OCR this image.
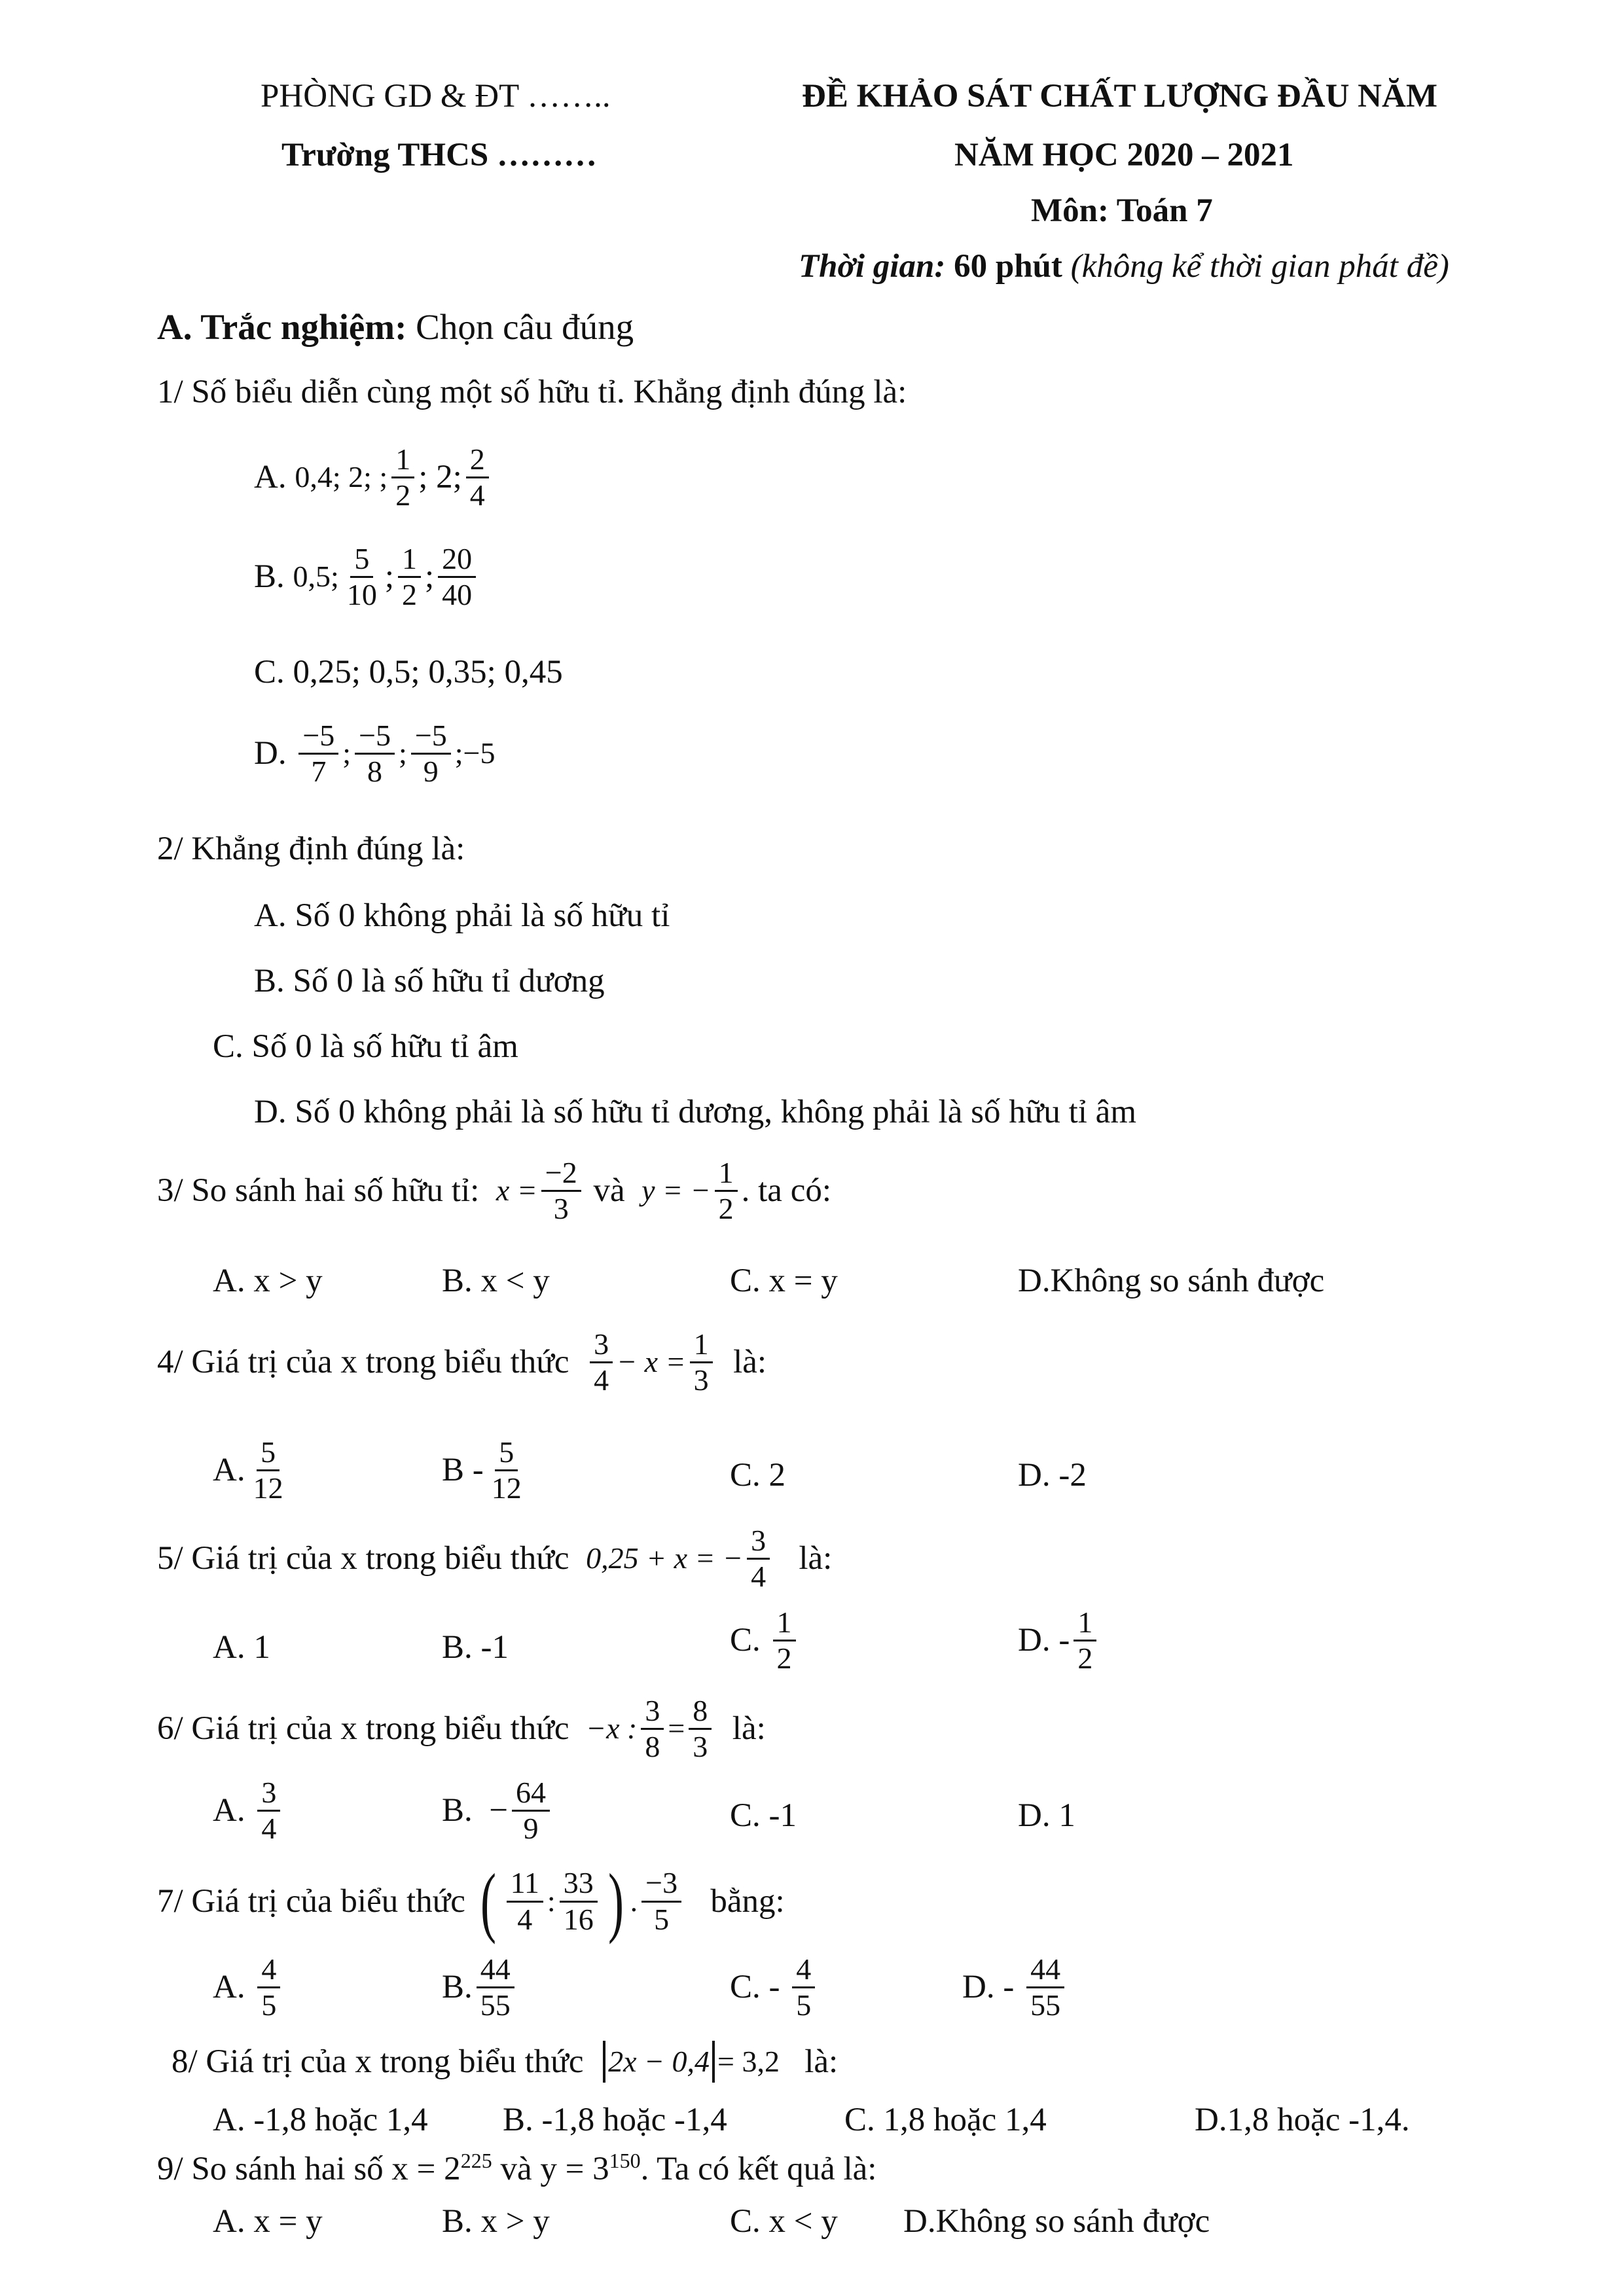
PHÒNG GD & ĐT ……..
Trường THCS ………
ĐỀ KHẢO SÁT CHẤT LƯỢNG ĐẦU NĂM
NĂM HỌC 2020 – 2021
Môn: Toán 7
Thời gian: 60 phút (không kể thời gian phát đề)
A. Trắc nghiệm: Chọn câu đúng
1/ Số biểu diễn cùng một số hữu tỉ. Khẳng định đúng là:
A.
0,4; 2; ;
1
2 ; 2; 2
4
B.
0,5;
5
10 ; 1
2 ; 20
40
C. 0,25; 0,5; 0,35; 0,45
D.
−5
7
;
−5
8
;
−5
9
; −5
2/ Khẳng định đúng là:
A. Số 0 không phải là số hữu tỉ
B. Số 0 là số hữu tỉ dương
C. Số 0 là số hữu tỉ âm
D. Số 0 không phải là số hữu tỉ dương, không phải là số hữu tỉ âm
3/ So sánh hai số hữu tỉ:
$x = \frac{-2}{3}$
và
y = − $\frac{1}{2}$ . ta có:
A. x > y	B. x < y	C. x = y	D.Không so sánh được
4/ Giá trị của x trong biểu thức
3
4
− $x = \frac{1}{3}$
là:
A. 5
12	B - 5
12	C. 2	D. -2
5/ Giá trị của x trong biểu thức
0,25 + x = − $\frac{3}{4}$
là:
A. 1	B. -1	C.
1
2	D. - 1
2
6/ Giá trị của x trong biểu thức
−x : $\frac{3}{8} = \frac{8}{3}$
là:
A.
3
4	B.
− $\frac{64}{9}$	C. -1	D. 1
7/ Giá trị của biểu thức
( 11
4
:
33
16 ) .
−3
5
bằng:
A.
4
5	B. 44
55	C. -
4
5	D. -
44
55
8/ Giá trị của x trong biểu thức
2x − 0,4 = 3,2
là:
A. -1,8 hoặc 1,4 B. -1,8 hoặc -1,4	C. 1,8 hoặc 1,4	D.1,8 hoặc -1,4.
9/ So sánh hai số $x = 2^{225}$ và $y = 3^{150}$. Ta có kết quả là:
A. x = y	B. x > y	C. x < y D.Không so sánh được
